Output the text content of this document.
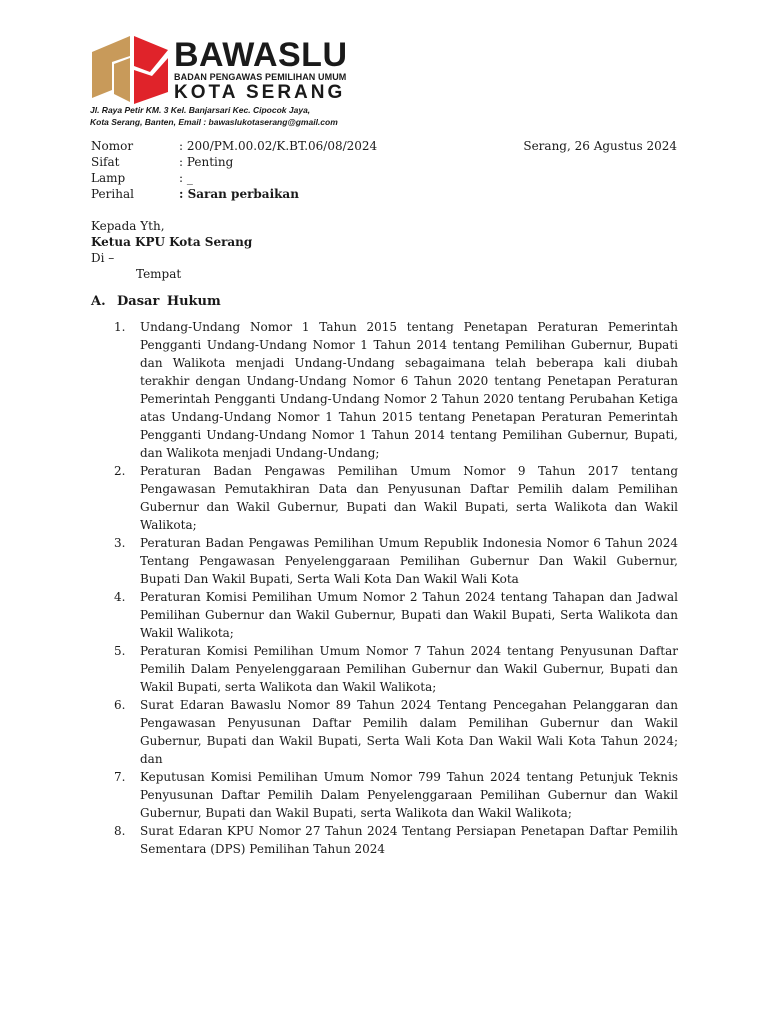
BAWASLU
BADAN PENGAWAS PEMILIHAN UMUM
KOTA SERANG
Jl. Raya Petir KM. 3 Kel. Banjarsari Kec. Cipocok Jaya,
Kota Serang, Banten, Email : bawaslukotaserang@gmail.com
Nomor	: 200/PM.00.02/K.BT.06/08/2024
Sifat	: Penting
Lamp	: _
Perihal	: Saran perbaikan
Serang, 26 Agustus 2024
Kepada Yth,
Ketua KPU Kota Serang
Di –
Tempat
A. Dasar Hukum
1.	Undang-Undang Nomor 1 Tahun 2015 tentang Penetapan Peraturan Pemerintah Pengganti Undang-Undang Nomor 1 Tahun 2014 tentang Pemilihan Gubernur, Bupati dan Walikota menjadi Undang-Undang sebagaimana telah beberapa kali diubah terakhir dengan Undang-Undang Nomor 6 Tahun 2020 tentang Penetapan Peraturan Pemerintah Pengganti Undang-Undang Nomor 2 Tahun 2020 tentang Perubahan Ketiga atas Undang-Undang Nomor 1 Tahun 2015 tentang Penetapan Peraturan Pemerintah Pengganti Undang-Undang Nomor 1 Tahun 2014 tentang Pemilihan Gubernur, Bupati, dan Walikota menjadi Undang-Undang;
2.	Peraturan Badan Pengawas Pemilihan Umum Nomor 9 Tahun 2017 tentang Pengawasan Pemutakhiran Data dan Penyusunan Daftar Pemilih dalam Pemilihan Gubernur dan Wakil Gubernur, Bupati dan Wakil Bupati, serta Walikota dan Wakil Walikota;
3.	Peraturan Badan Pengawas Pemilihan Umum Republik Indonesia Nomor 6 Tahun 2024 Tentang Pengawasan Penyelenggaraan Pemilihan Gubernur Dan Wakil Gubernur, Bupati Dan Wakil Bupati, Serta Wali Kota Dan Wakil Wali Kota
4.	Peraturan Komisi Pemilihan Umum Nomor 2 Tahun 2024 tentang Tahapan dan Jadwal Pemilihan Gubernur dan Wakil Gubernur, Bupati dan Wakil Bupati, Serta Walikota dan Wakil Walikota;
5.	Peraturan Komisi Pemilihan Umum Nomor 7 Tahun 2024 tentang Penyusunan Daftar Pemilih Dalam Penyelenggaraan Pemilihan Gubernur dan Wakil Gubernur, Bupati dan Wakil Bupati, serta Walikota dan Wakil Walikota;
6.	Surat Edaran Bawaslu Nomor 89 Tahun 2024 Tentang Pencegahan Pelanggaran dan Pengawasan Penyusunan Daftar Pemilih dalam Pemilihan Gubernur dan Wakil Gubernur, Bupati dan Wakil Bupati, Serta Wali Kota Dan Wakil Wali Kota Tahun 2024; dan
7.	Keputusan Komisi Pemilihan Umum Nomor 799 Tahun 2024 tentang Petunjuk Teknis Penyusunan Daftar Pemilih Dalam Penyelenggaraan Pemilihan Gubernur dan Wakil Gubernur, Bupati dan Wakil Bupati, serta Walikota dan Wakil Walikota;
8.	Surat Edaran KPU Nomor 27 Tahun 2024 Tentang Persiapan Penetapan Daftar Pemilih Sementara (DPS) Pemilihan Tahun 2024
